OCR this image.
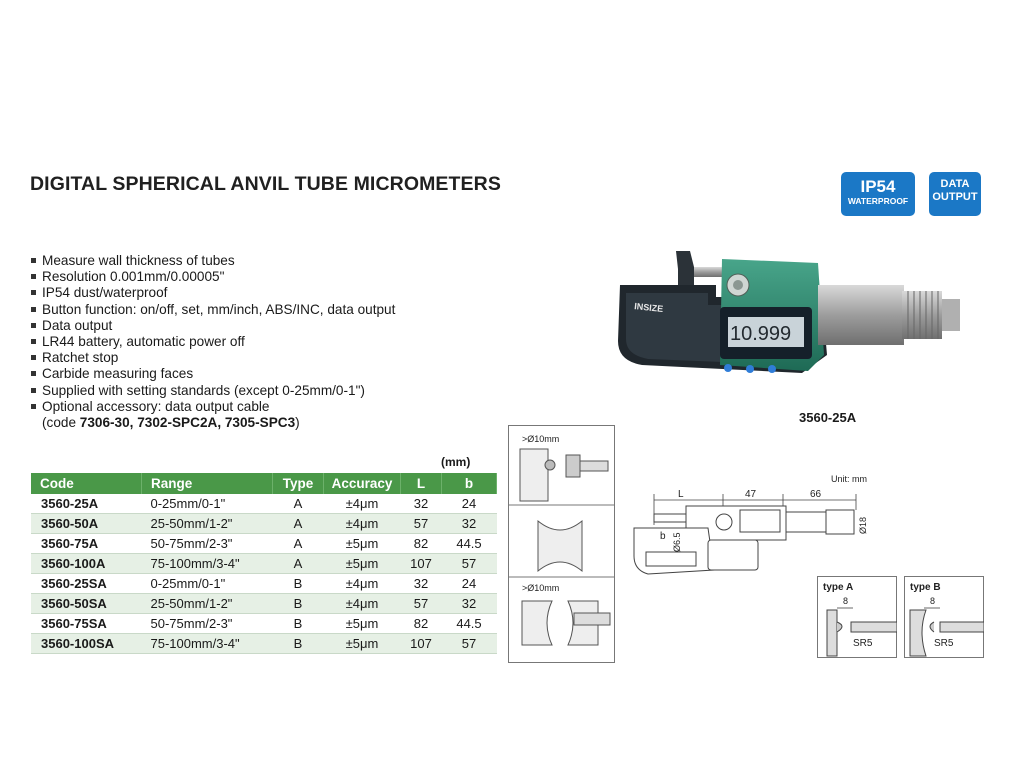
DIGITAL SPHERICAL ANVIL TUBE MICROMETERS	IP54
WATERPROOF
DATA
OUTPUT
Measure wall thickness of tubes
Resolution 0.001mm/0.00005"
IP54 dust/waterproof
Button function: on/off, set, mm/inch, ABS/INC, data output
Data output
LR44 battery, automatic power off
Ratchet stop
Carbide measuring faces
Supplied with setting standards (except 0-25mm/0-1")
Optional accessory: data output cable
(code 7306-30, 7302-SPC2A, 7305-SPC3)
(mm)
Code	Range	Type	Accuracy	L	b
3560-25A	0-25mm/0-1"	A	±4μm	32	24
3560-50A	25-50mm/1-2"	A	±4μm	57	32
3560-75A	50-75mm/2-3"	A	±5μm	82	44.5
3560-100A	75-100mm/3-4"	A	±5μm	107	57
3560-25SA	0-25mm/0-1"	B	±4μm	32	24
3560-50SA	25-50mm/1-2"	B	±4μm	57	32
3560-75SA	50-75mm/2-3"	B	±5μm	82	44.5
3560-100SA	75-100mm/3-4"	B	±5μm	107	57
10.999
INSIZE
3560-25A
>Ø10mm
>Ø10mm
Unit: mm
L	47	66
b Ø6.5
Ø18
type A
8
SR5
type B
8
SR5
